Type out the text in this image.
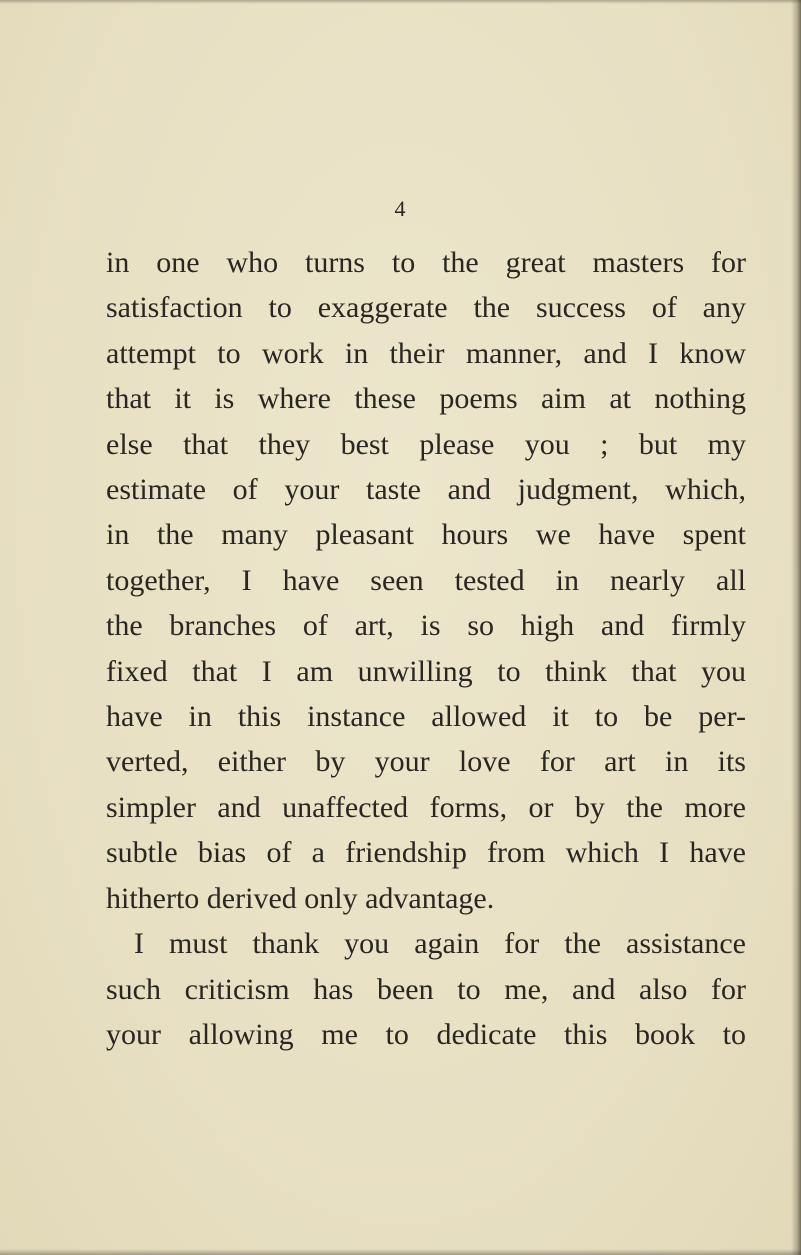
4
in one who turns to the great masters for
satisfaction to exaggerate the success of any
attempt to work in their manner, and I know
that it is where these poems aim at nothing
else that they best please you ; but my
estimate of your taste and judgment, which,
in the many pleasant hours we have spent
together, I have seen tested in nearly all
the branches of art, is so high and firmly
fixed that I am unwilling to think that you
have in this instance allowed it to be per-
verted, either by your love for art in its
simpler and unaffected forms, or by the more
subtle bias of a friendship from which I have
hitherto derived only advantage.
I must thank you again for the assistance
such criticism has been to me, and also for
your allowing me to dedicate this book to
